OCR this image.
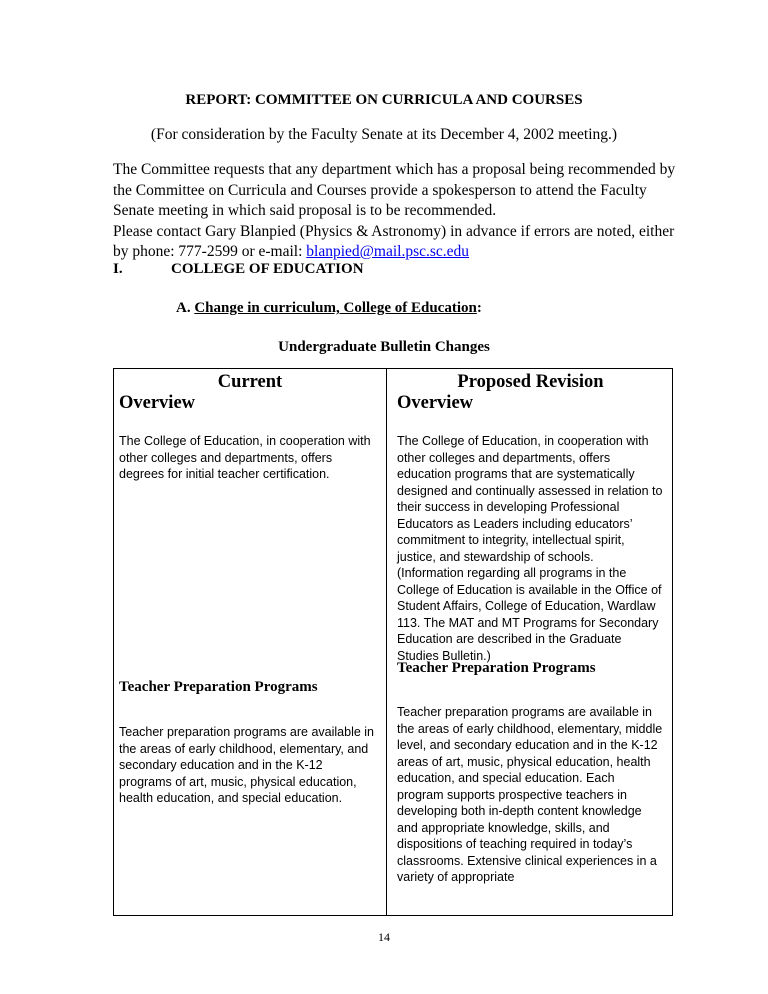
REPORT: COMMITTEE ON CURRICULA AND COURSES
(For consideration by the Faculty Senate at its December 4, 2002 meeting.)

The Committee requests that any department which has a proposal being recommended by the Committee on Curricula and Courses provide a spokesperson to attend the Faculty Senate meeting in which said proposal is to be recommended.

Please contact Gary Blanpied (Physics & Astronomy) in advance if errors are noted, either by phone: 777-2599 or e-mail: blanpied@mail.psc.sc.edu

I.	COLLEGE OF EDUCATION
A. Change in curriculum, College of Education:
Undergraduate Bulletin Changes
Current
Overview
The College of Education, in cooperation with other colleges and departments, offers degrees for initial teacher certification.
Teacher Preparation Programs
Teacher preparation programs are available in the areas of early childhood, elementary, and secondary education and in the K-12 programs of art, music, physical education, health education, and special education.
Proposed Revision
Overview
The College of Education, in cooperation with other colleges and departments, offers education programs that are systematically designed and continually assessed in relation to their success in developing Professional Educators as Leaders including educators’ commitment to integrity, intellectual spirit, justice, and stewardship of schools. (Information regarding all programs in the College of Education is available in the Office of Student Affairs, College of Education, Wardlaw 113. The MAT and MT Programs for Secondary Education are described in the Graduate Studies Bulletin.)
Teacher Preparation Programs
Teacher preparation programs are available in the areas of early childhood, elementary, middle level, and secondary education and in the K-12 areas of art, music, physical education, health education, and special education. Each program supports prospective teachers in developing both in-depth content knowledge and appropriate knowledge, skills, and dispositions of teaching required in today’s classrooms. Extensive clinical experiences in a variety of appropriate
14
